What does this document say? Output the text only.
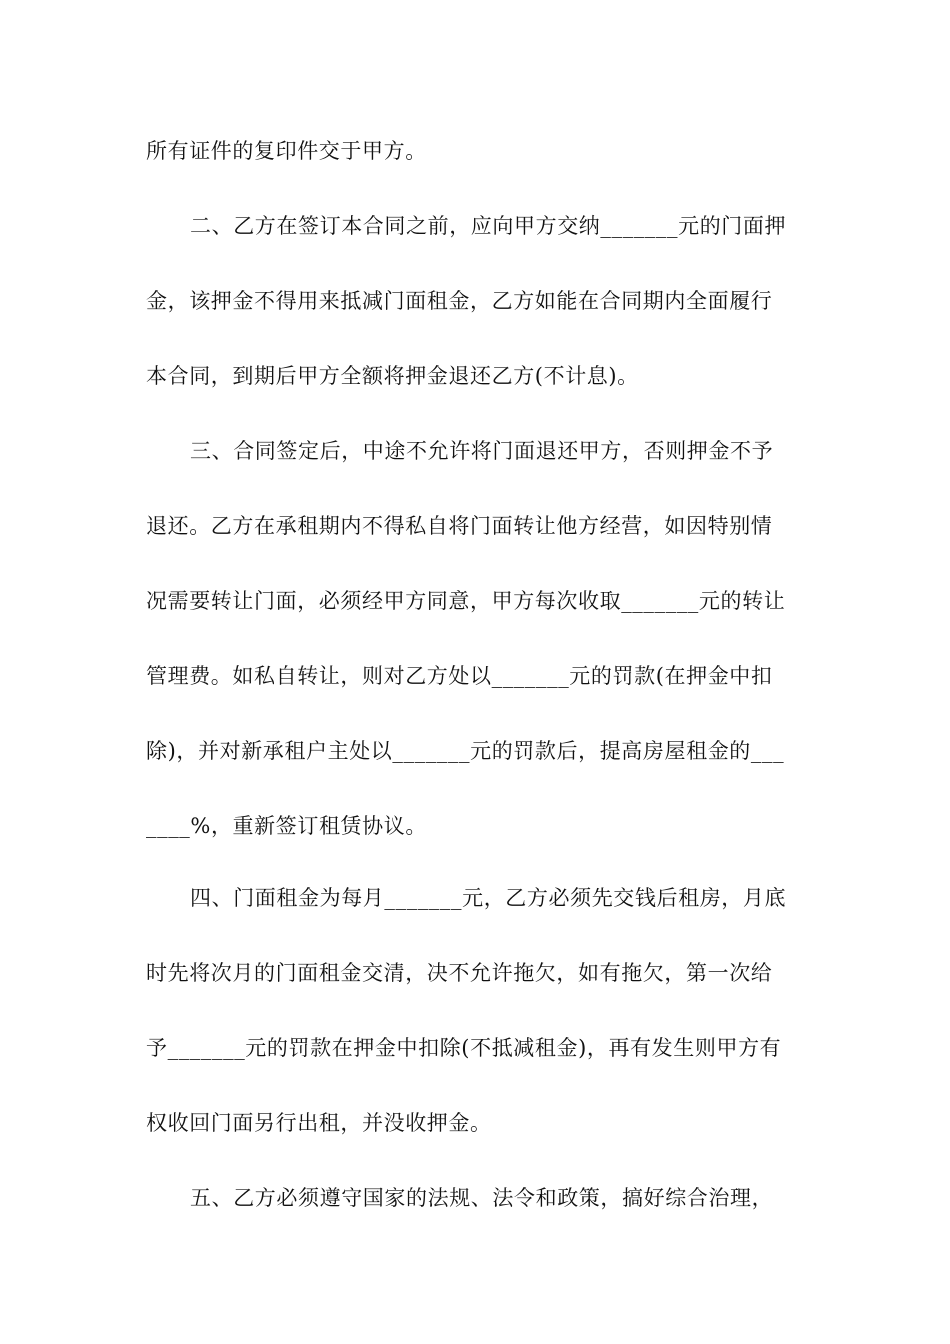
所有证件的复印件交于甲方。
二、乙方在签订本合同之前，应向甲方交纳_______元的门面押
金，该押金不得用来抵减门面租金，乙方如能在合同期内全面履行
本合同，到期后甲方全额将押金退还乙方(不计息)。
三、合同签定后，中途不允许将门面退还甲方，否则押金不予
退还。乙方在承租期内不得私自将门面转让他方经营，如因特别情
况需要转让门面，必须经甲方同意，甲方每次收取_______元的转让
管理费。如私自转让，则对乙方处以_______元的罚款(在押金中扣
除)，并对新承租户主处以_______元的罚款后，提高房屋租金的___
____%，重新签订租赁协议。
四、门面租金为每月_______元，乙方必须先交钱后租房，月底
时先将次月的门面租金交清，决不允许拖欠，如有拖欠，第一次给
予_______元的罚款在押金中扣除(不抵减租金)，再有发生则甲方有
权收回门面另行出租，并没收押金。
五、乙方必须遵守国家的法规、法令和政策，搞好综合治理，
